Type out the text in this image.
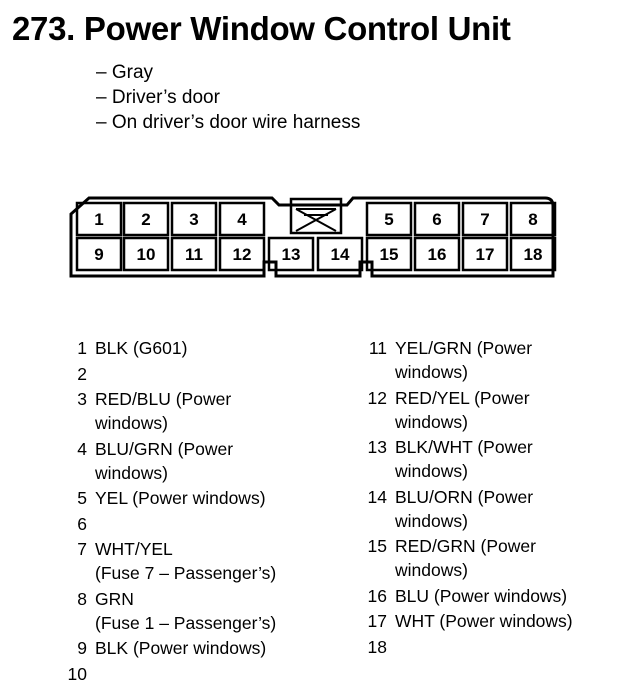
273. Power Window Control Unit
– Gray
– Driver’s door
– On driver’s door wire harness
1 2 3 4	5 6 7 8
9 10 11 12 13 14 15 16 17 18
1 BLK (G601)
2

3 RED/BLU (Power windows)
4 BLU/GRN (Power windows)
5 YEL (Power windows)
6

7 WHT/YEL
(Fuse 7 – Passenger’s)
8 GRN
(Fuse 1 – Passenger’s)
9 BLK (Power windows)
10

11 YEL/GRN (Power windows)
12 RED/YEL (Power windows)
13 BLK/WHT (Power windows)
14 BLU/ORN (Power windows)
15 RED/GRN (Power windows)
16 BLU (Power windows)
17 WHT (Power windows)
18
